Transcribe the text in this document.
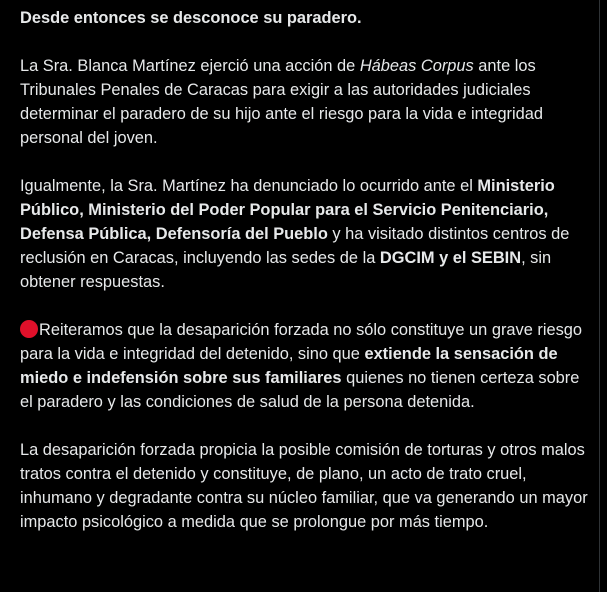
Desde entonces se desconoce su paradero.

La Sra. Blanca Martínez ejerció una acción de Hábeas Corpus ante los Tribunales Penales de Caracas para exigir a las autoridades judiciales determinar el paradero de su hijo ante el riesgo para la vida e integridad personal del joven.

Igualmente, la Sra. Martínez ha denunciado lo ocurrido ante el Ministerio Público, Ministerio del Poder Popular para el Servicio Penitenciario, Defensa Pública, Defensoría del Pueblo y ha visitado distintos centros de reclusión en Caracas, incluyendo las sedes de la DGCIM y el SEBIN, sin obtener respuestas.

Reiteramos que la desaparición forzada no sólo constituye un grave riesgo para la vida e integridad del detenido, sino que extiende la sensación de miedo e indefensión sobre sus familiares quienes no tienen certeza sobre el paradero y las condiciones de salud de la persona detenida.

La desaparición forzada propicia la posible comisión de torturas y otros malos tratos contra el detenido y constituye, de plano, un acto de trato cruel, inhumano y degradante contra su núcleo familiar, que va generando un mayor impacto psicológico a medida que se prolongue por más tiempo.
